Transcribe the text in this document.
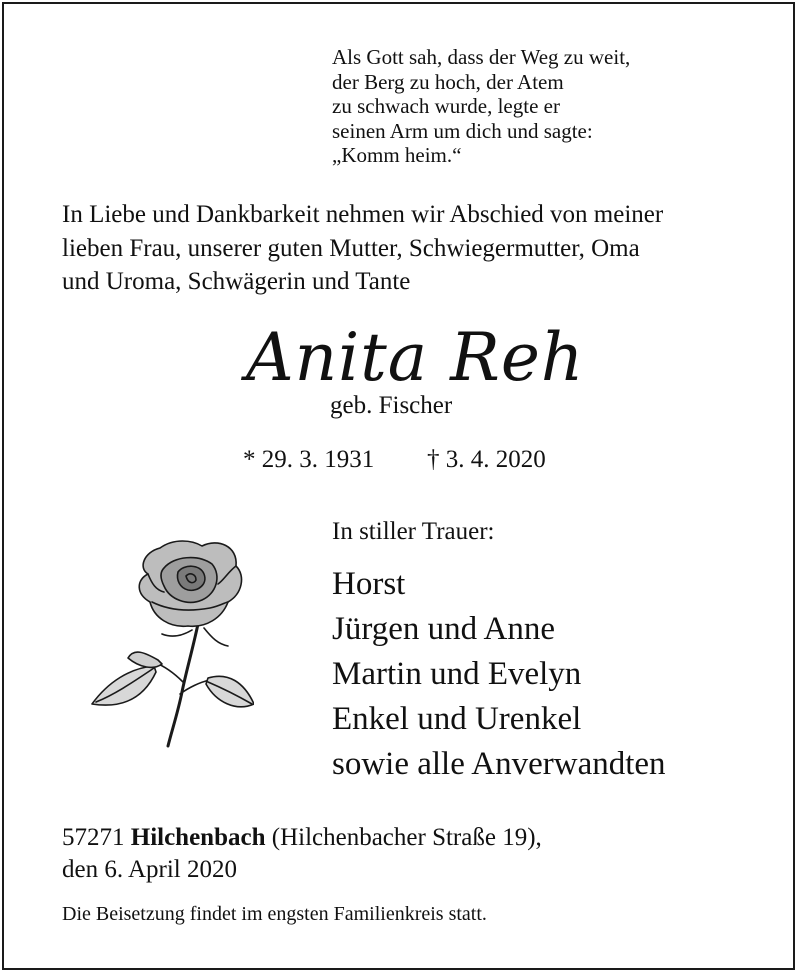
Als Gott sah, dass der Weg zu weit,
der Berg zu hoch, der Atem
zu schwach wurde, legte er
seinen Arm um dich und sagte:
„Komm heim.“
In Liebe und Dankbarkeit nehmen wir Abschied von meiner
lieben Frau, unserer guten Mutter, Schwiegermutter, Oma
und Uroma, Schwägerin und Tante
Anita Reh
geb. Fischer
* 29. 3. 1931 † 3. 4. 2020
In stiller Trauer:
Horst
Jürgen und Anne
Martin und Evelyn
Enkel und Urenkel
sowie alle Anverwandten
57271 Hilchenbach (Hilchenbacher Straße 19),
den 6. April 2020
Die Beisetzung findet im engsten Familienkreis statt.
